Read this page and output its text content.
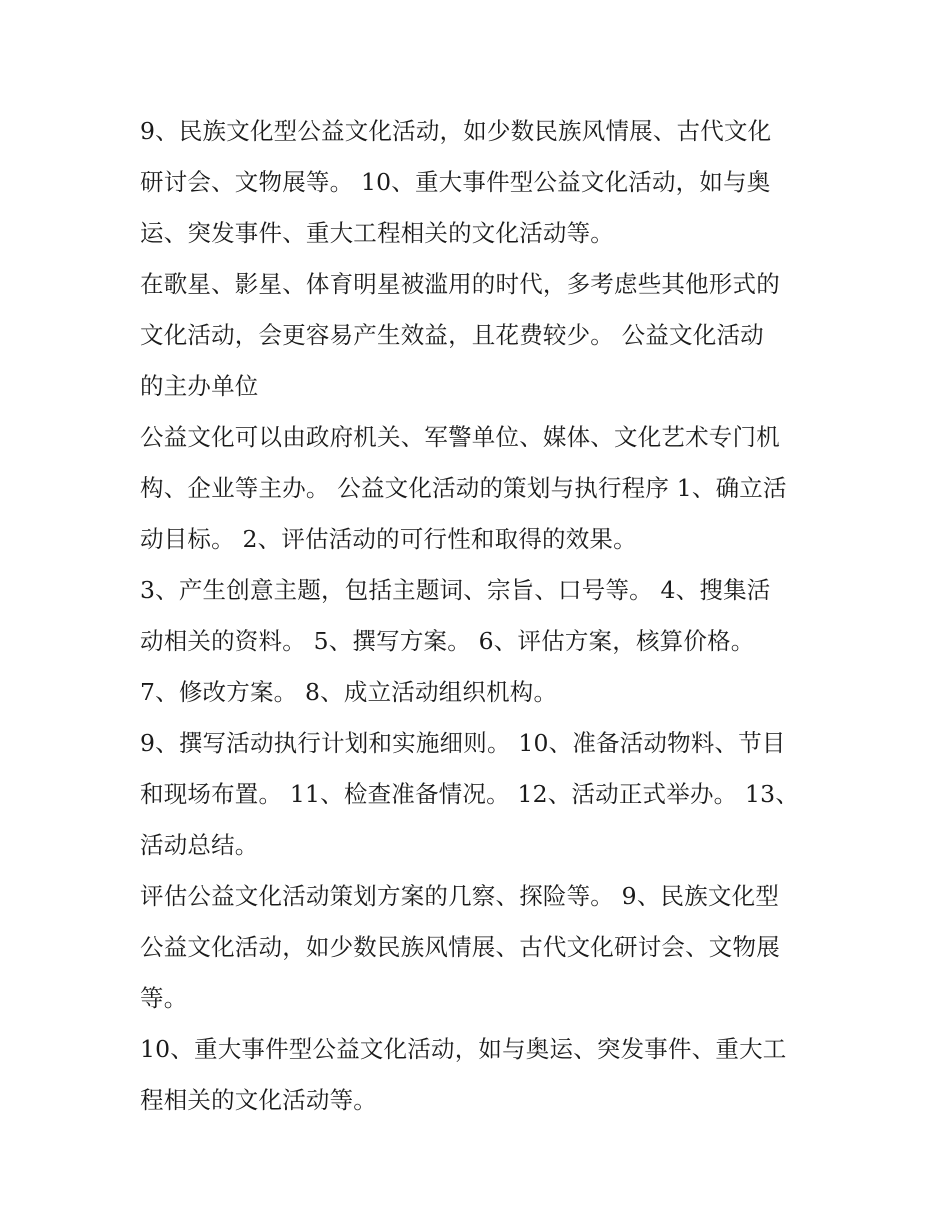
9、民族文化型公益文化活动，如少数民族风情展、古代文化
研讨会、文物展等。 10、重大事件型公益文化活动，如与奥
运、突发事件、重大工程相关的文化活动等。

在歌星、影星、体育明星被滥用的时代，多考虑些其他形式的
文化活动，会更容易产生效益，且花费较少。 公益文化活动
的主办单位

公益文化可以由政府机关、军警单位、媒体、文化艺术专门机
构、企业等主办。 公益文化活动的策划与执行程序 1、确立活
动目标。 2、评估活动的可行性和取得的效果。

3、产生创意主题，包括主题词、宗旨、口号等。 4、搜集活
动相关的资料。 5、撰写方案。 6、评估方案，核算价格。

7、修改方案。 8、成立活动组织机构。

9、撰写活动执行计划和实施细则。 10、准备活动物料、节目
和现场布置。 11、检查准备情况。 12、活动正式举办。 13、
活动总结。

评估公益文化活动策划方案的几察、探险等。 9、民族文化型
公益文化活动，如少数民族风情展、古代文化研讨会、文物展
等。

10、重大事件型公益文化活动，如与奥运、突发事件、重大工
程相关的文化活动等。
